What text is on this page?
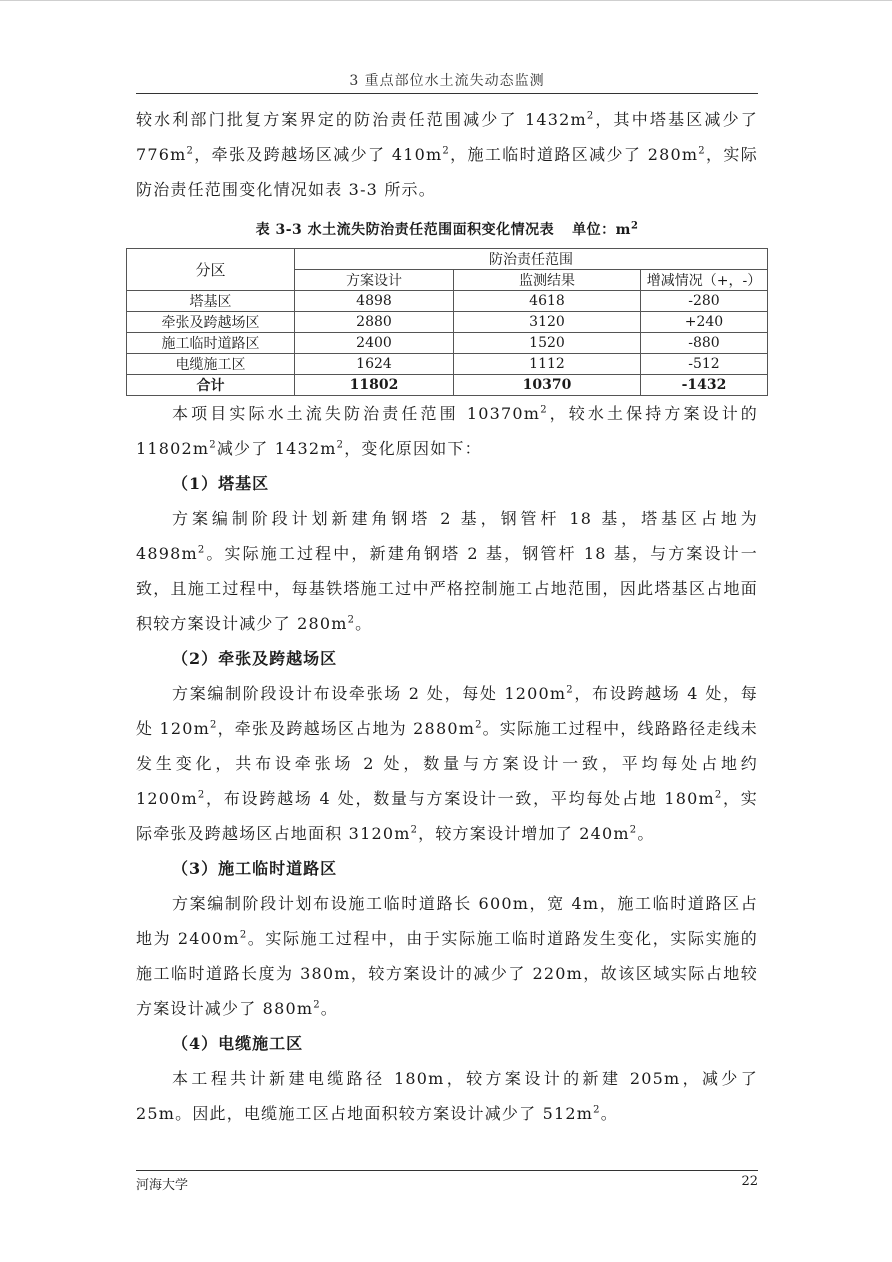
3 重点部位水土流失动态监测

较水利部门批复方案界定的防治责任范围减少了 $1432m^2$，其中塔基区减少了 $776m^2$，牵张及跨越场区减少了 $410m^2$，施工临时道路区减少了 $280m^2$，实际防治责任范围变化情况如表 3-3 所示。

表 3-3 水土流失防治责任范围面积变化情况表 单位：$m^2$
分区	防治责任范围		
	方案设计	监测结果	增减情况（+，-）
塔基区	4898	4618	-280
牵张及跨越场区	2880	3120	+240
施工临时道路区	2400	1520	-880
电缆施工区	1624	1112	-512
合计	11802	10370	-1432

本项目实际水土流失防治责任范围 $10370m^2$，较水土保持方案设计的 $11802m^2$减少了 $1432m^2$，变化原因如下：

（1）塔基区

方案编制阶段计划新建角钢塔 2 基，钢管杆 18 基，塔基区占地为 $4898m^2$。实际施工过程中，新建角钢塔 2 基，钢管杆 18 基，与方案设计一致，且施工过程中，每基铁塔施工过中严格控制施工占地范围，因此塔基区占地面积较方案设计减少了 $280m^2$。

（2）牵张及跨越场区

方案编制阶段设计布设牵张场 2 处，每处 $1200m^2$，布设跨越场 4 处，每处 $120m^2$，牵张及跨越场区占地为 $2880m^2$。实际施工过程中，线路路径走线未发生变化，共布设牵张场 2 处，数量与方案设计一致，平均每处占地约 $1200m^2$，布设跨越场 4 处，数量与方案设计一致，平均每处占地 $180m^2$，实际牵张及跨越场区占地面积 $3120m^2$，较方案设计增加了 $240m^2$。

（3）施工临时道路区

方案编制阶段计划布设施工临时道路长 600m，宽 4m，施工临时道路区占地为 $2400m^2$。实际施工过程中，由于实际施工临时道路发生变化，实际实施的施工临时道路长度为 380m，较方案设计的减少了 220m，故该区域实际占地较方案设计减少了 $880m^2$。

（4）电缆施工区

本工程共计新建电缆路径 180m，较方案设计的新建 205m，减少了 25m。因此，电缆施工区占地面积较方案设计减少了 $512m^2$。

河海大学	22
